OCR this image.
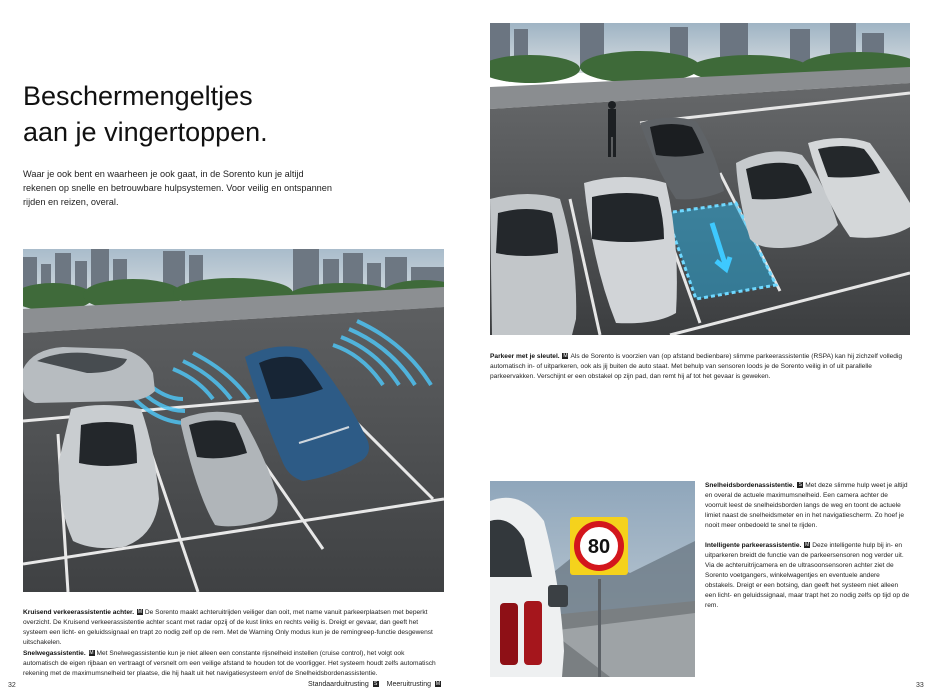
Beschermengeltjes
aan je vingertoppen.
Waar je ook bent en waarheen je ook gaat, in de Sorento kun je altijd rekenen op snelle en betrouwbare hulpsystemen. Voor veilig en ontspannen rijden en reizen, overal.
Kruisend verkeerassistentie achter. M De Sorento maakt achteruitrijden veiliger dan ooit, met name vanuit parkeerplaatsen met beperkt overzicht. De Kruisend verkeerassistentie achter scant met radar opzij of de kust links en rechts veilig is. Dreigt er gevaar, dan geeft het systeem een licht- en geluidssignaal en trapt zo nodig zelf op de rem. Met de Warning Only modus kun je de remingreep-functie desgewenst uitschakelen.
Snelwegassistentie. M Met Snelwegassistentie kun je niet alleen een constante rijsnelheid instellen (cruise control), het volgt ook automatisch de eigen rijbaan en vertraagt of versnelt om een veilige afstand te houden tot de voorligger. Het systeem houdt zelfs automatisch rekening met de maximumsnelheid ter plaatse, die hij haalt uit het navigatiesysteem en/of de Snelheidsbordenassistentie.
32	Standaarduitrusting S Meeruitrusting M
Parkeer met je sleutel. M Als de Sorento is voorzien van (op afstand bedienbare) slimme parkeerassistentie (RSPA) kan hij zichzelf volledig automatisch in- of uitparkeren, ook als jij buiten de auto staat. Met behulp van sensoren loods je de Sorento veilig in of uit parallelle parkeervakken. Verschijnt er een obstakel op zijn pad, dan remt hij af tot het gevaar is geweken.
80
Snelheidsbordenassistentie. S Met deze slimme hulp weet je altijd en overal de actuele maximumsnelheid. Een camera achter de voorruit leest de snelheidsborden langs de weg en toont de actuele limiet naast de snelheidsmeter en in het navigatiescherm. Zo hoef je nooit meer onbedoeld te snel te rijden.
Intelligente parkeerassistentie. M Deze intelligente hulp bij in- en uitparkeren breidt de functie van de parkeersensoren nog verder uit. Via de achteruitrijcamera en de ultrasoonsensoren achter ziet de Sorento voetgangers, winkelwagentjes en eventuele andere obstakels. Dreigt er een botsing, dan geeft het systeem niet alleen een licht- en geluidssignaal, maar trapt het zo nodig zelfs op tijd op de rem.
33
